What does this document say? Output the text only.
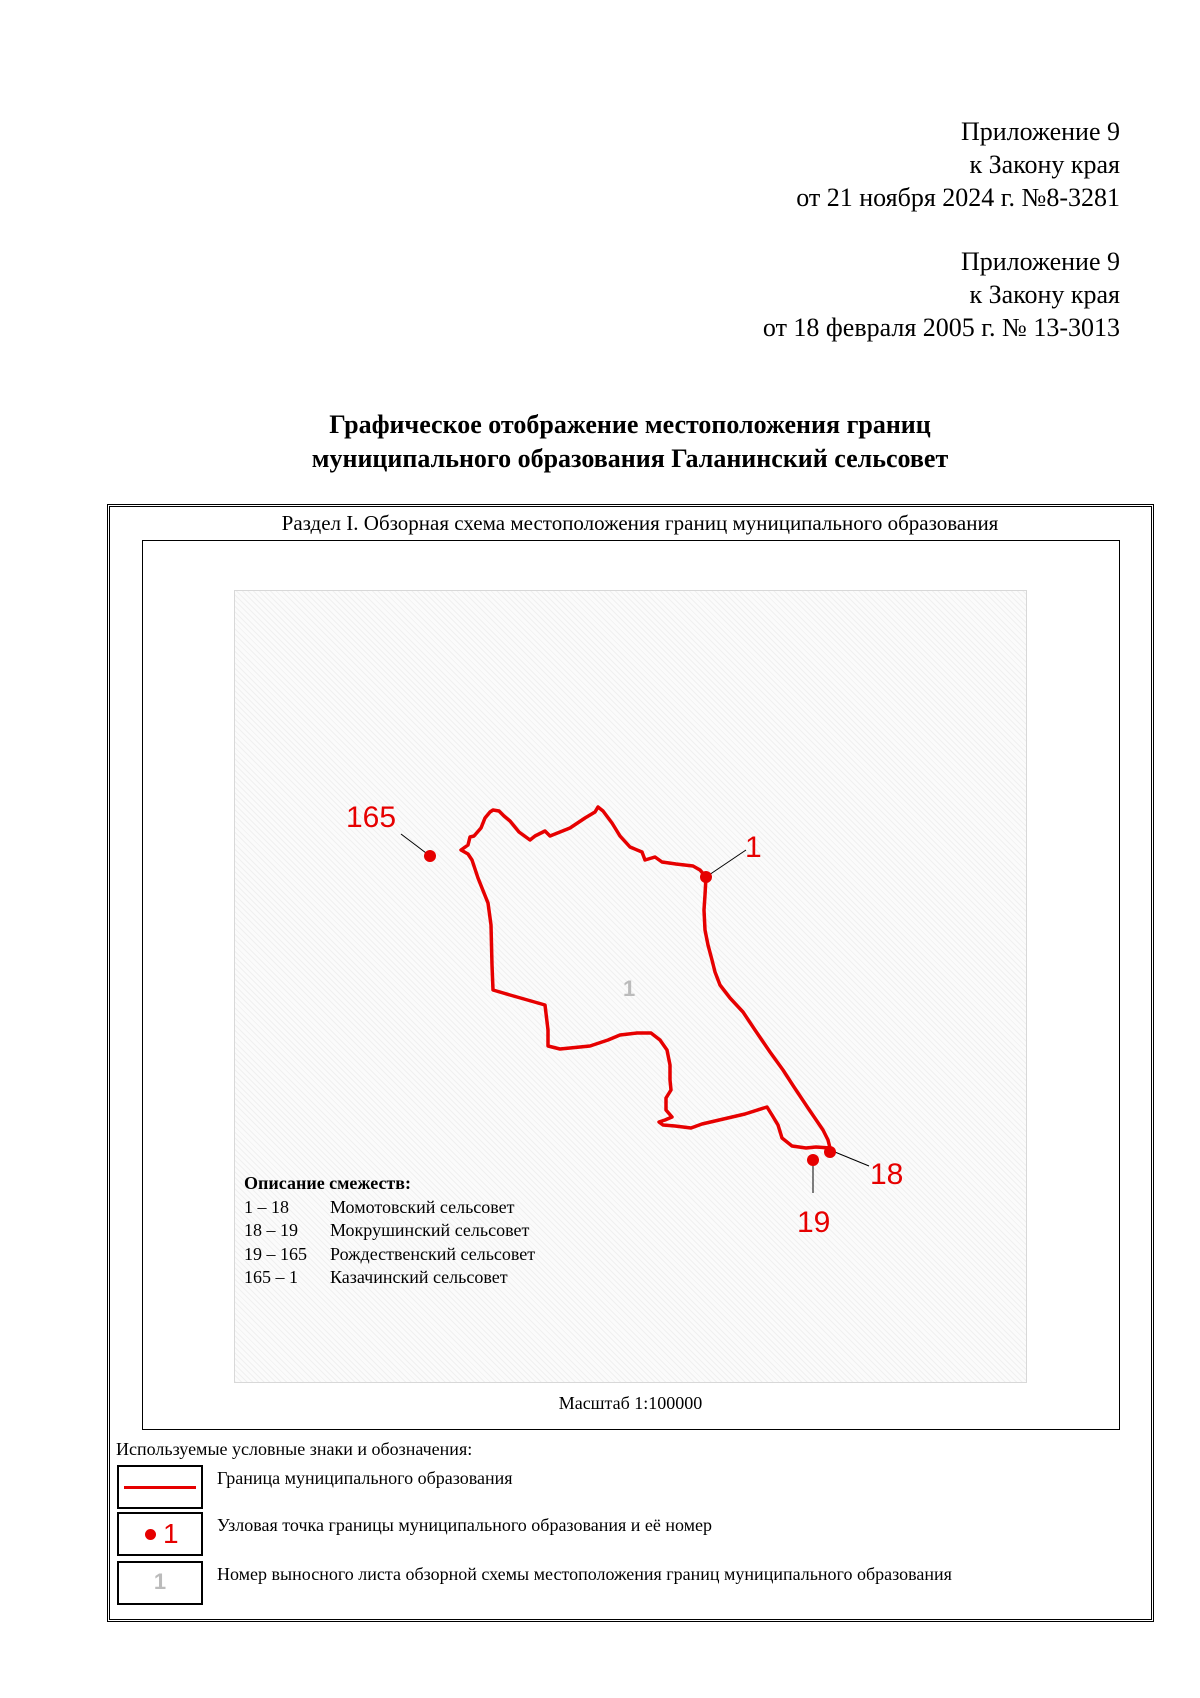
Приложение 9
к Закону края
от 21 ноября 2024 г. №8-3281
Приложение 9
к Закону края
от 18 февраля 2005 г. № 13-3013
Графическое отображение местоположения границ
муниципального образования Галанинский сельсовет
Раздел I. Обзорная схема местоположения границ муниципального образования
165
1
18
19
1
Описание смежеств:
1 – 18	Момотовский сельсовет
18 – 19	Мокрушинский сельсовет
19 – 165	Рождественский сельсовет
165 – 1	Казачинский сельсовет
Масштаб 1:100000
Используемые условные знаки и обозначения:
Граница муниципального образования
1 Узловая точка границы муниципального образования и её номер
1	Номер выносного листа обзорной схемы местоположения границ муниципального образования
